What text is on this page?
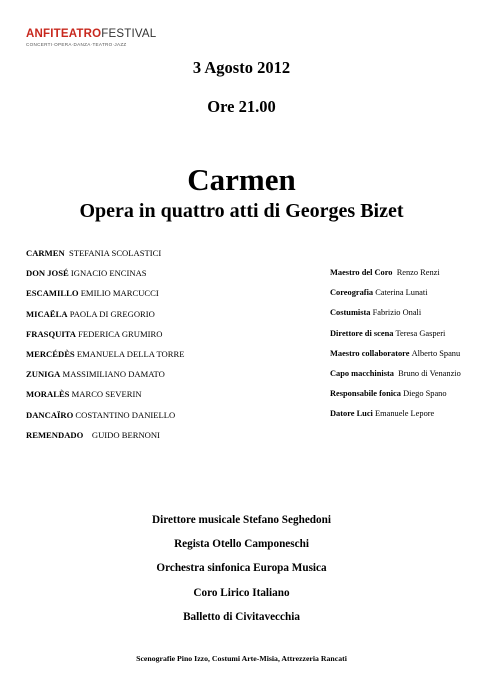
ANFITEATROFESTIVAL
CONCERTI·OPERA·DANZA·TEATRO·JAZZ
3 Agosto 2012
Ore 21.00
Carmen
Opera in quattro atti di Georges Bizet
CARMEN STEFANIA SCOLASTICI
DON JOSÉ IGNACIO ENCINAS
ESCAMILLO EMILIO MARCUCCI
MICAËLA PAOLA DI GREGORIO
FRASQUITA FEDERICA GRUMIRO
MERCÉDÈS EMANUELA DELLA TORRE
ZUNIGA MASSIMILIANO DAMATO
MORALÈS MARCO SEVERIN
DANCAÏRO COSTANTINO DANIELLO
REMENDADO GUIDO BERNONI
Maestro del Coro Renzo Renzi
Coreografia Caterina Lunati
Costumista Fabrizio Onali
Direttore di scena Teresa Gasperi
Maestro collaboratore Alberto Spanu
Capo macchinista Bruno di Venanzio
Responsabile fonica Diego Spano
Datore Luci Emanuele Lepore
Direttore musicale Stefano Seghedoni
Regista Otello Camponeschi
Orchestra sinfonica Europa Musica
Coro Lirico Italiano
Balletto di Civitavecchia
Scenografie Pino Izzo, Costumi Arte-Misia, Attrezzeria Rancati
